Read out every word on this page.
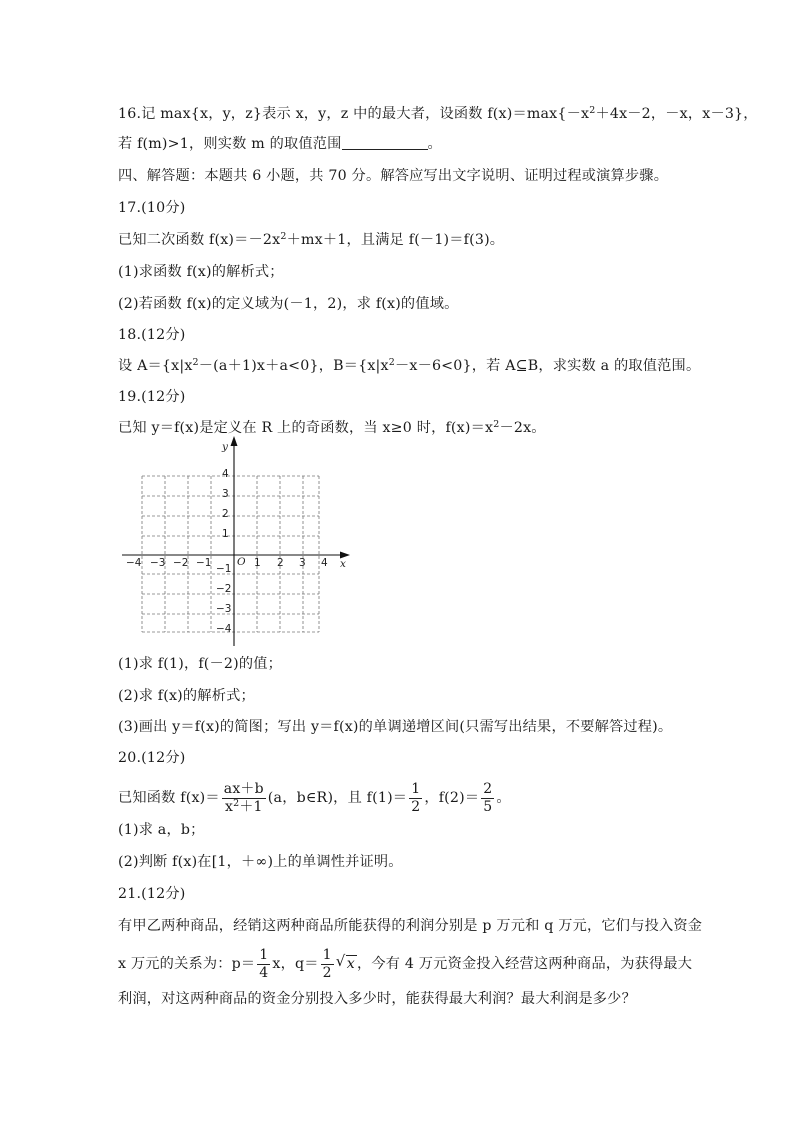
16.记 max{x，y，z}表示 x，y，z 中的最大者，设函数 $f(x)=\max\{-x^2+4x-2$，－x，x－3}，
若 f(m)>1，则实数 m 的取值范围	。
四、解答题：本题共 6 小题，共 70 分。解答应写出文字说明、证明过程或演算步骤。
17.(10分)
已知二次函数 $f(x)=-2x^2+mx+1$，且满足 f(－1)＝f(3)。
(1)求函数 f(x)的解析式；
(2)若函数 f(x)的定义域为(－1，2)，求 f(x)的值域。
18.(12分)
设 $A=\{x|x^2-(a+1)x+a<0\}$，$B=\{x|x^2-x-6<0\}$，若 A⊆B，求实数 a 的取值范围。
19.(12分)
已知 y＝f(x)是定义在 R 上的奇函数，当 x≥0 时，$f(x)=x^2-2x$。
−4 −3 −2 −1	1 2 3 4 x
y
O
4
3
2
1
−1
−2
−3
−4
(1)求 f(1)，f(－2)的值；
(2)求 f(x)的解析式；
(3)画出 y＝f(x)的简图；写出 y＝f(x)的单调递增区间(只需写出结果，不要解答过程)。
20.(12分)
已知函数 $f(x)= \frac{ax+b}{x^2+1} (a$，b∈R)，且 $f(1)= \frac{1}{2}$ ，$f(2)= \frac{2}{5}$ 。
(1)求 a，b；
(2)判断 f(x)在[1，＋∞)上的单调性并证明。
21.(12分)
有甲乙两种商品，经销这两种商品所能获得的利润分别是 p 万元和 q 万元，它们与投入资金
x 万元的关系为：$p= \frac{1}{4}$ x，$q= \frac{1}{2}$
√ x ，今有 4 万元资金投入经营这两种商品，为获得最大
利润，对这两种商品的资金分别投入多少时，能获得最大利润？最大利润是多少？
